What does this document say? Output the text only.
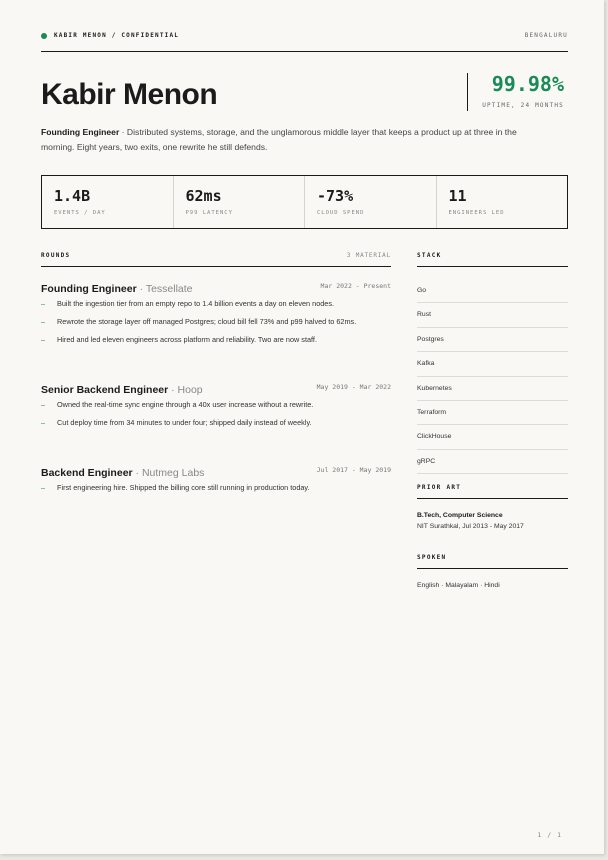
KABIR MENON / CONFIDENTIAL	BENGALURU
Kabir Menon	99.98%
UPTIME, 24 MONTHS
Founding Engineer · Distributed systems, storage, and the unglamorous middle layer that keeps a product up at three in the morning. Eight years, two exits, one rewrite he still defends.
1.4B
EVENTS / DAY
62ms
P99 LATENCY
-73%
CLOUD SPEND
11
ENGINEERS LED
ROUNDS	3 MATERIAL
Founding Engineer · Tessellate	Mar 2022 - Present
– Built the ingestion tier from an empty repo to 1.4 billion events a day on eleven nodes.
– Rewrote the storage layer off managed Postgres; cloud bill fell 73% and p99 halved to 62ms.
– Hired and led eleven engineers across platform and reliability. Two are now staff.
Senior Backend Engineer · Hoop	May 2019 - Mar 2022
– Owned the real-time sync engine through a 40x user increase without a rewrite.
– Cut deploy time from 34 minutes to under four; shipped daily instead of weekly.
Backend Engineer · Nutmeg Labs	Jul 2017 - May 2019
– First engineering hire. Shipped the billing core still running in production today.
STACK
Go
Rust
Postgres
Kafka
Kubernetes
Terraform
ClickHouse
gRPC
PRIOR ART
B.Tech, Computer Science
NIT Surathkal, Jul 2013 - May 2017
SPOKEN
English · Malayalam · Hindi
1 / 1
